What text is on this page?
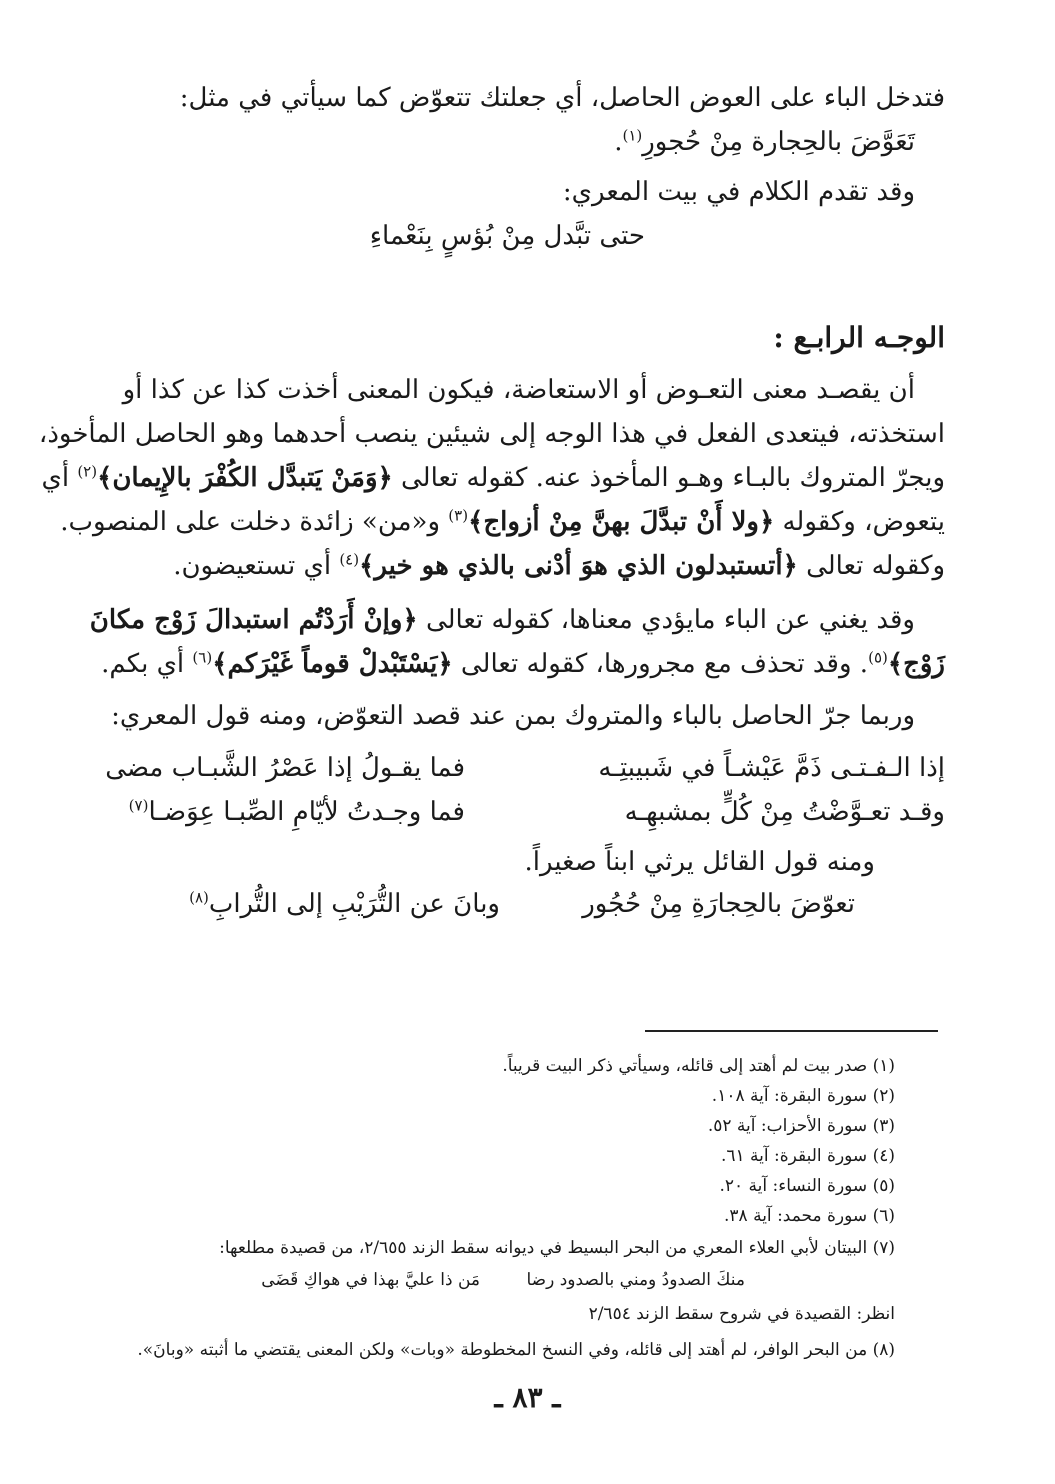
فتدخل الباء على العوض الحاصل، أي جعلتك تتعوّض كما سيأتي في مثل:
تَعَوَّضَ بالحِجارة مِنْ حُجورِ$^{(١)}$.
وقد تقدم الكلام في بيت المعري:
حتى تبَّدل مِنْ بُؤسٍ بِنَعْماءِ
الوجـه الرابـع :
أن يقصـد معنى التعـوض أو الاستعاضة، فيكون المعنى أخذت كذا عن كذا أو
استخذته، فيتعدى الفعل في هذا الوجه إلى شيئين ينصب أحدهما وهو الحاصل المأخوذ،
ويجرّ المتروك بالبـاء وهـو المأخوذ عنه. كقوله تعالى ﴿وَمَنْ يَتبدَّل الكُفْرَ بالإِيمان﴾$^{(٢)}$ أي
يتعوض، وكقوله ﴿ولا أَنْ تبدَّلَ بهنَّ مِنْ أزواج﴾$^{(٣)}$ و«من» زائدة دخلت على المنصوب.
وكقوله تعالى ﴿أتستبدلون الذي هوَ أدْنى بالذي هو خير﴾$^{(٤)}$ أي تستعيضون.
وقد يغني عن الباء مايؤدي معناها، كقوله تعالى ﴿وإنْ أَرَدْتُم استبدالَ زَوْج مكانَ
زَوْج﴾$^{(٥)}$. وقد تحذف مع مجرورها، كقوله تعالى ﴿يَسْتَبْدلْ قوماً غَيْرَكم﴾$^{(٦)}$ أي بكم.
وربما جرّ الحاصل بالباء والمتروك بمن عند قصد التعوّض، ومنه قول المعري:
إذا الـفـتـى ذَمَّ عَيْشـاً في شَبيبتِـه
فما يقـولُ إذا عَصْرُ الشَّبـاب مضى
وقـد تعـوَّضْتُ مِنْ كُلٍّ بمشبهِـه
فما وجـدتُ لأيّامِ الصِّبـا عِوَضـا$^{(٧)}$
ومنه قول القائل يرثي ابناً صغيراً.
تعوّضَ بالحِجارَةِ مِنْ حُجُور
وبانَ عن التُّرَيْبِ إلى التُّرابِ$^{(٨)}$
(١) صدر بيت لم أهتد إلى قائله، وسيأتي ذكر البيت قريباً.
(٢) سورة البقرة: آية ١٠٨.
(٣) سورة الأحزاب: آية ٥٢.
(٤) سورة البقرة: آية ٦١.
(٥) سورة النساء: آية ٢٠.
(٦) سورة محمد: آية ٣٨.
(٧) البيتان لأبي العلاء المعري من البحر البسيط في ديوانه سقط الزند ٢/٦٥٥، من قصيدة مطلعها:
منكَ الصدودُ ومني بالصدود رضا
مَن ذا عليَّ بهذا في هواكِ قَضَى
انظر: القصيدة في شروح سقط الزند ٢/٦٥٤
(٨) من البحر الوافر، لم أهتد إلى قائله، وفي النسخ المخطوطة «وبات» ولكن المعنى يقتضي ما أثبته «وبانَ».
ـ ٨٣ ـ
